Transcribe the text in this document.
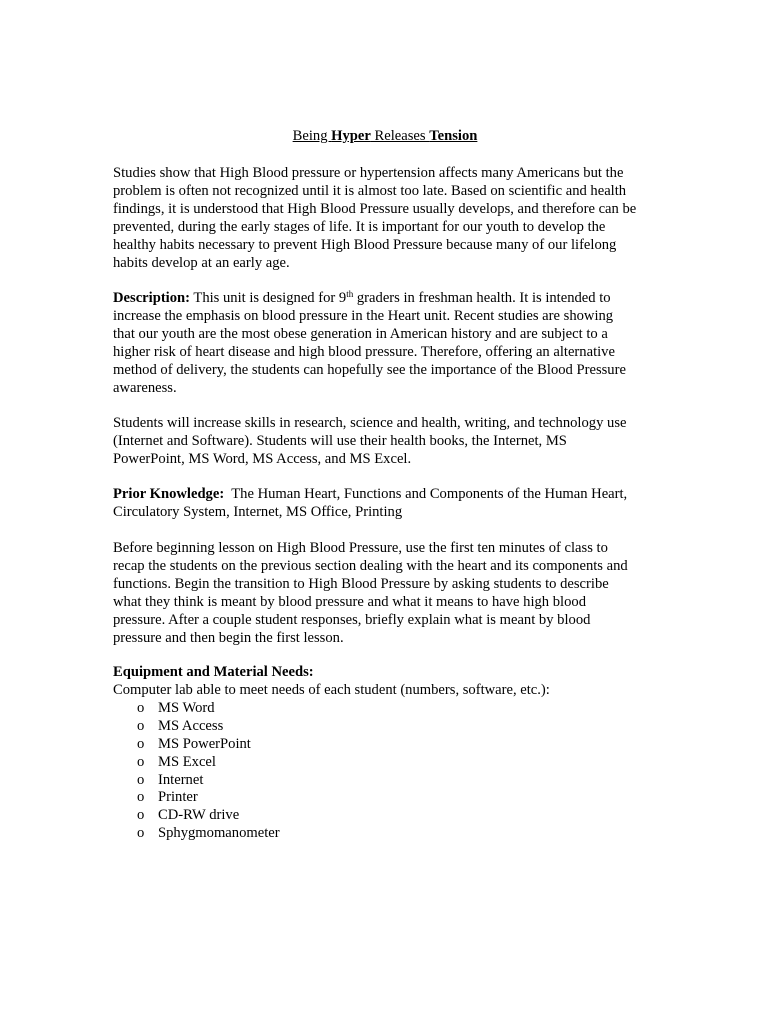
Being Hyper Releases Tension
Studies show that High Blood pressure or hypertension affects many Americans but the
problem is often not recognized until it is almost too late. Based on scientific and health
findings, it is understood that High Blood Pressure usually develops, and therefore can be
prevented, during the early stages of life. It is important for our youth to develop the
healthy habits necessary to prevent High Blood Pressure because many of our lifelong
habits develop at an early age.
Description: This unit is designed for 9th graders in freshman health. It is intended to
increase the emphasis on blood pressure in the Heart unit. Recent studies are showing
that our youth are the most obese generation in American history and are subject to a
higher risk of heart disease and high blood pressure. Therefore, offering an alternative
method of delivery, the students can hopefully see the importance of the Blood Pressure
awareness.
Students will increase skills in research, science and health, writing, and technology use
(Internet and Software). Students will use their health books, the Internet, MS
PowerPoint, MS Word, MS Access, and MS Excel.
Prior Knowledge:  The Human Heart, Functions and Components of the Human Heart,
Circulatory System, Internet, MS Office, Printing
Before beginning lesson on High Blood Pressure, use the first ten minutes of class to
recap the students on the previous section dealing with the heart and its components and
functions. Begin the transition to High Blood Pressure by asking students to describe
what they think is meant by blood pressure and what it means to have high blood
pressure. After a couple student responses, briefly explain what is meant by blood
pressure and then begin the first lesson.
Equipment and Material Needs:
Computer lab able to meet needs of each student (numbers, software, etc.):
o MS Word
o MS Access
o MS PowerPoint
o MS Excel
o Internet
o Printer
o CD-RW drive
o Sphygmomanometer
